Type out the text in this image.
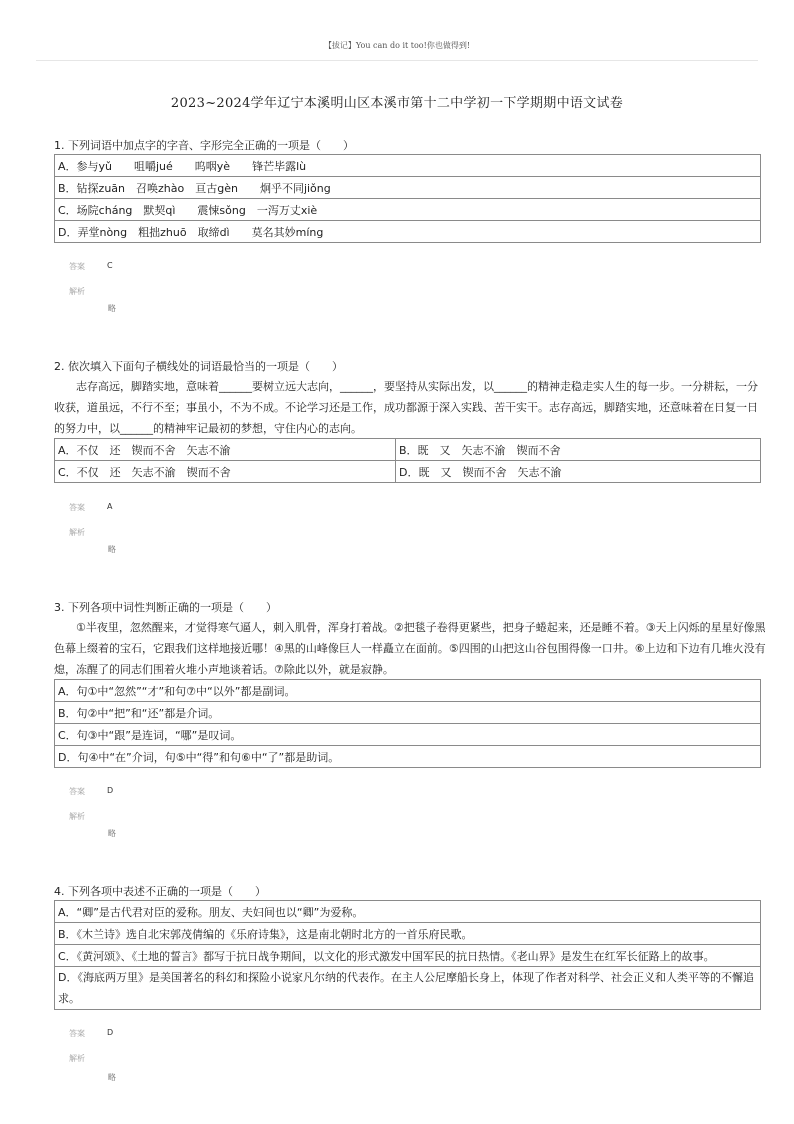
【拔记】You can do it too!你也做得到!
2023~2024学年辽宁本溪明山区本溪市第十二中学初一下学期期中语文试卷
1. 下列词语中加点字的字音、字形完全正确的一项是（　　）
A．参与yǔ　　咀嚼jué　　呜咽yè　　锋芒毕露lù
B．钻探zuān　召唤zhào　亘古gèn　　炯乎不同jiǒng
C．场院cháng　默契qì　　震悚sǒng　一泻万丈xiè
D．弄堂nòng　粗拙zhuō　取缔dì　　莫名其妙míng
答案	C
解析
略
2. 依次填入下面句子横线处的词语最恰当的一项是（　　）
志存高远，脚踏实地，意味着______要树立远大志向，______，要坚持从实际出发，以______的精神走稳走实人生的每一步。一分耕耘，一分收获，道虽远，不行不至；事虽小，不为不成。不论学习还是工作，成功都源于深入实践、苦干实干。志存高远，脚踏实地，还意味着在日复一日的努力中，以______的精神牢记最初的梦想，守住内心的志向。
A．不仅　还　锲而不舍　矢志不渝	B．既　又　矢志不渝　锲而不舍
C．不仅　还　矢志不渝　锲而不舍	D．既　又　锲而不舍　矢志不渝
答案	A
解析
略
3. 下列各项中词性判断正确的一项是（　　）
①半夜里，忽然醒来，才觉得寒气逼人，刺入肌骨，浑身打着战。②把毯子卷得更紧些，把身子蜷起来，还是睡不着。③天上闪烁的星星好像黑色幕上缀着的宝石，它跟我们这样地接近哪！④黑的山峰像巨人一样矗立在面前。⑤四围的山把这山谷包围得像一口井。⑥上边和下边有几堆火没有熄，冻醒了的同志们围着火堆小声地谈着话。⑦除此以外，就是寂静。
A．句①中“忽然”“才”和句⑦中“以外”都是副词。
B．句②中“把”和“还”都是介词。
C．句③中“跟”是连词，“哪”是叹词。
D．句④中“在”介词，句⑤中“得”和句⑥中“了”都是助词。
答案	D
解析
略
4. 下列各项中表述不正确的一项是（　　）
A．“卿”是古代君对臣的爱称。朋友、夫妇间也以“卿”为爱称。
B．《木兰诗》选自北宋郭茂倩编的《乐府诗集》，这是南北朝时北方的一首乐府民歌。
C．《黄河颂》、《土地的誓言》都写于抗日战争期间，以文化的形式激发中国军民的抗日热情。《老山界》是发生在红军长征路上的故事。
D．《海底两万里》是美国著名的科幻和探险小说家凡尔纳的代表作。在主人公尼摩船长身上，体现了作者对科学、社会正义和人类平等的不懈追求。
答案	D
解析
略
